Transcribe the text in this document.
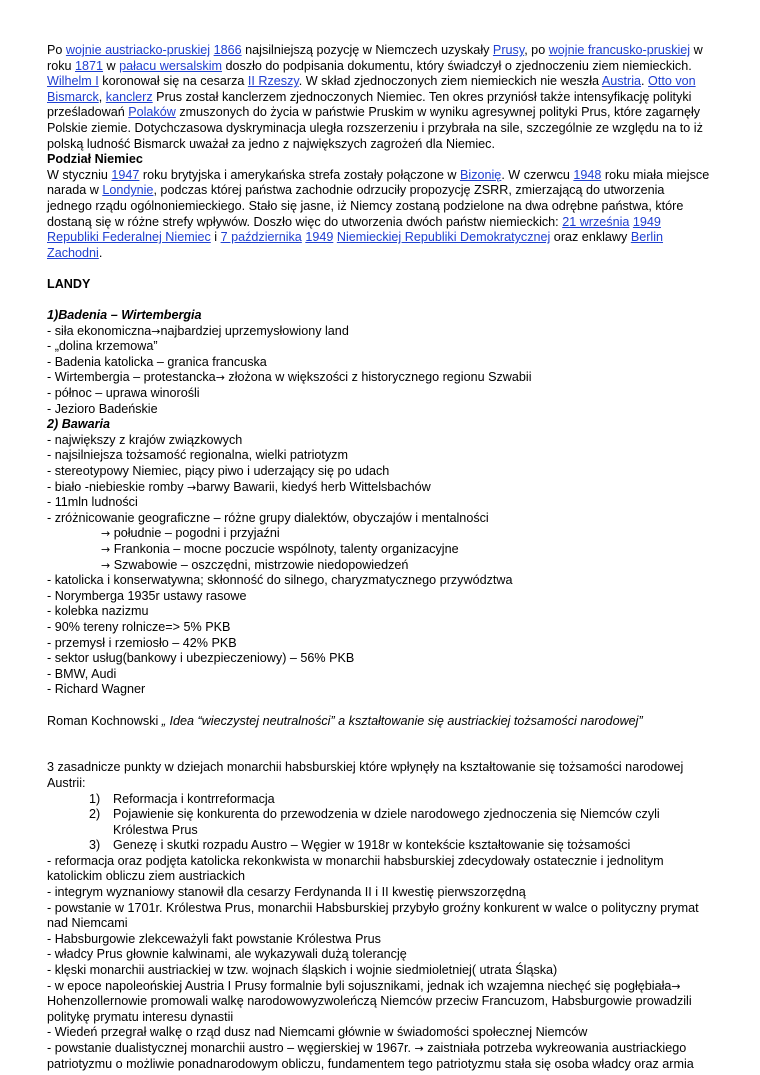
Po wojnie austriacko-pruskiej 1866 najsilniejszą pozycję w Niemczech uzyskały Prusy, po wojnie francusko-pruskiej w roku 1871 w pałacu wersalskim doszło do podpisania dokumentu, który świadczył o zjednoczeniu ziem niemieckich. Wilhelm I koronował się na cesarza II Rzeszy. W skład zjednoczonych ziem niemieckich nie weszła Austria. Otto von Bismarck, kanclerz Prus został kanclerzem zjednoczonych Niemiec. Ten okres przyniósł także intensyfikację polityki prześladowań Polaków zmuszonych do życia w państwie Pruskim w wyniku agresywnej polityki Prus, które zagarnęły Polskie ziemie. Dotychczasowa dyskryminacja uległa rozszerzeniu i przybrała na sile, szczególnie ze względu na to iż polską ludność Bismarck uważał za jedno z największych zagrożeń dla Niemiec.

Podział Niemiec

W styczniu 1947 roku brytyjska i amerykańska strefa zostały połączone w Bizonię. W czerwcu 1948 roku miała miejsce narada w Londynie, podczas której państwa zachodnie odrzuciły propozycję ZSRR, zmierzającą do utworzenia jednego rządu ogólnoniemieckiego. Stało się jasne, iż Niemcy zostaną podzielone na dwa odrębne państwa, które dostaną się w różne strefy wpływów. Doszło więc do utworzenia dwóch państw niemieckich: 21 września 1949 Republiki Federalnej Niemiec i 7 października 1949 Niemieckiej Republiki Demokratycznej oraz enklawy Berlin Zachodni.

LANDY

1)Badenia – Wirtembergia

- siła ekonomiczna→najbardziej uprzemysłowiony land

- „dolina krzemowa”

- Badenia katolicka – granica francuska

- Wirtembergia – protestancka→ złożona w większości z historycznego regionu Szwabii

- północ – uprawa winorośli

- Jezioro Badeńskie

2) Bawaria

- największy z krajów związkowych

- najsilniejsza tożsamość regionalna, wielki patriotyzm

- stereotypowy Niemiec, piący piwo i uderzający się po udach

- biało -niebieskie romby →barwy Bawarii, kiedyś herb Wittelsbachów

- 11mln ludności

- zróżnicowanie geograficzne – różne grupy dialektów, obyczajów i mentalności

→ południe – pogodni i przyjaźni

→ Frankonia – mocne poczucie wspólnoty, talenty organizacyjne

→ Szwabowie – oszczędni, mistrzowie niedopowiedzeń

- katolicka i konserwatywna; skłonność do silnego, charyzmatycznego przywództwa

- Norymberga 1935r ustawy rasowe

- kolebka nazizmu

- 90% tereny rolnicze=> 5% PKB

- przemysł i rzemiosło – 42% PKB

- sektor usług(bankowy i ubezpieczeniowy) – 56% PKB

- BMW, Audi

- Richard Wagner

Roman Kochnowski „ Idea “wieczystej neutralności” a kształtowanie się austriackiej tożsamości narodowej”

3 zasadnicze punkty w dziejach monarchii habsburskiej które wpłynęły na kształtowanie się tożsamości narodowej Austrii:

1) Reformacja i kontrreformacja
2) Pojawienie się konkurenta do przewodzenia w dziele narodowego zjednoczenia się Niemców czyli Królestwa Prus
3) Genezę i skutki rozpadu Austro – Węgier w 1918r w kontekście kształtowanie się tożsamości

- reformacja oraz podjęta katolicka rekonkwista w monarchii habsburskiej zdecydowały ostatecznie i jednolitym katolickim obliczu ziem austriackich

- integrym wyznaniowy stanowił dla cesarzy Ferdynanda II i II kwestię pierwszorzędną

- powstanie w 1701r. Królestwa Prus, monarchii Habsburskiej przybyło groźny konkurent w walce o polityczny prymat nad Niemcami

- Habsburgowie zlekceważyli fakt powstanie Królestwa Prus

- władcy Prus głownie kalwinami, ale wykazywali dużą tolerancję

- klęski monarchii austriackiej w tzw. wojnach śląskich i wojnie siedmioletniej( utrata Śląska)

- w epoce napoleońskiej Austria I Prusy formalnie byli sojusznikami, jednak ich wzajemna niechęć się pogłębiała→ Hohenzollernowie promowali walkę narodowowyzwoleńczą Niemców przeciw Francuzom, Habsburgowie prowadzili politykę prymatu interesu dynastii

- Wiedeń przegrał walkę o rząd dusz nad Niemcami głównie w świadomości społecznej Niemców

- powstanie dualistycznej monarchii austro – węgierskiej w 1967r. → zaistniała potrzeba wykreowania austriackiego patriotyzmu o możliwie ponadnarodowym obliczu, fundamentem tego patriotyzmu stała się osoba władcy oraz armia
